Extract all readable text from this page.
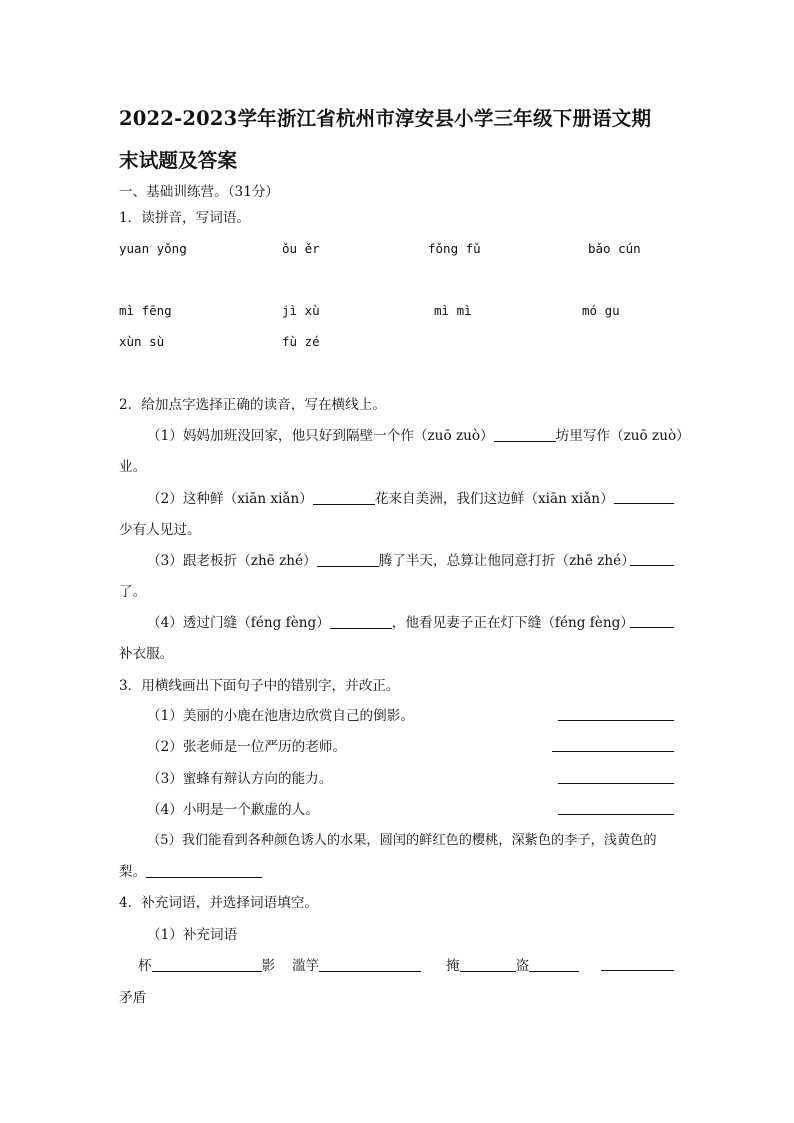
2022-2023学年浙江省杭州市淳安县小学三年级下册语文期
末试题及答案
一、基础训练营。（31分）
1．读拼音，写词语。
yuan yǒng	ǒu ěr	fǒng fǔ	bǎo cún
mì fēng	jì xù	mì mì	mó gu
xùn sù	fù zé
2．给加点字选择正确的读音，写在横线上。
（1）妈妈加班没回家，他只好到隔壁一个作（zuō zuò）	坊里写作（zuō zuò）
业。
（2）这种鲜（xiān xiǎn）	花来自美洲，我们这边鲜（xiān xiǎn）
少有人见过。
（3）跟老板折（zhē zhé）	腾了半天，总算让他同意打折（zhē zhé）
了。
（4）透过门缝（féng fèng）	，他看见妻子正在灯下缝（féng fèng）
补衣服。
3．用横线画出下面句子中的错别字，并改正。
（1）美丽的小鹿在池唐边欣赏自己的倒影。
（2）张老师是一位严历的老师。
（3）蜜蜂有辩认方向的能力。
（4）小明是一个歉虚的人。
（5）我们能看到各种颜色诱人的水果，圆闰的鲜红色的樱桃，深紫色的李子，浅黄色的
梨。
4．补充词语，并选择词语填空。
（1）补充词语
杯	影 滥竽	掩	盗
矛盾
